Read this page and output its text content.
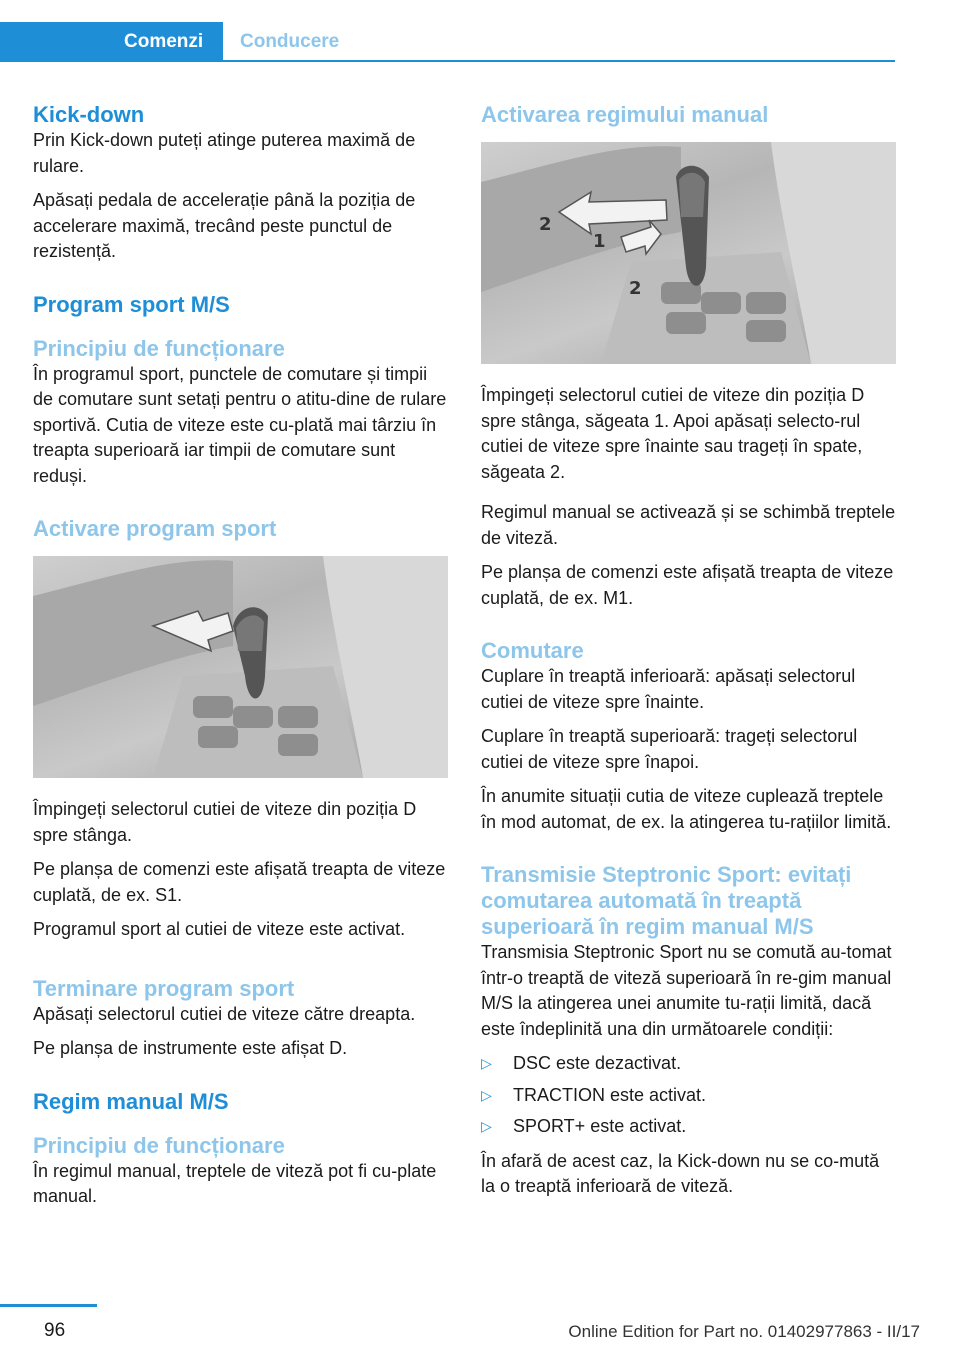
Comenzi	Conducere
Kick-down

Prin Kick-down puteți atinge puterea maximă de rulare.

Apăsați pedala de accelerație până la poziția de accelerare maximă, trecând peste punctul de rezistență.

Program sport M/S
Principiu de funcționare

În programul sport, punctele de comutare și timpii de comutare sunt setați pentru o atitu‐dine de rulare sportivă. Cutia de viteze este cu‐plată mai târziu în treapta superioară iar timpii de comutare sunt reduși.

Activare program sport

Împingeți selectorul cutiei de viteze din poziția D spre stânga.

Pe planșa de comenzi este afișată treapta de viteze cuplată, de ex. S1.

Programul sport al cutiei de viteze este activat.

Terminare program sport

Apăsați selectorul cutiei de viteze către dreapta.

Pe planșa de instrumente este afișat D.

Regim manual M/S
Principiu de funcționare

În regimul manual, treptele de viteză pot fi cu‐plate manual.

Activarea regimului manual
2
1
2

Împingeți selectorul cutiei de viteze din poziția D spre stânga, săgeata 1. Apoi apăsați selecto‐rul cutiei de viteze spre înainte sau trageți în spate, săgeata 2.

Regimul manual se activează și se schimbă treptele de viteză.

Pe planșa de comenzi este afișată treapta de viteze cuplată, de ex. M1.

Comutare

Cuplare în treaptă inferioară: apăsați selectorul cutiei de viteze spre înainte.

Cuplare în treaptă superioară: trageți selectorul cutiei de viteze spre înapoi.

În anumite situații cutia de viteze cuplează treptele în mod automat, de ex. la atingerea tu‐rațiilor limită.

Transmisie Steptronic Sport: evitați comutarea automată în treaptă superioară în regim manual M/S

Transmisia Steptronic Sport nu se comută au‐tomat într-o treaptă de viteză superioară în re‐gim manual M/S la atingerea unei anumite tu‐rații limită, dacă este îndeplinită una din următoarele condiții:

▷ DSC este dezactivat.
▷ TRACTION este activat.
▷ SPORT+ este activat.

În afară de acest caz, la Kick-down nu se co‐mută la o treaptă inferioară de viteză.

96	Online Edition for Part no. 01402977863 - II/17
